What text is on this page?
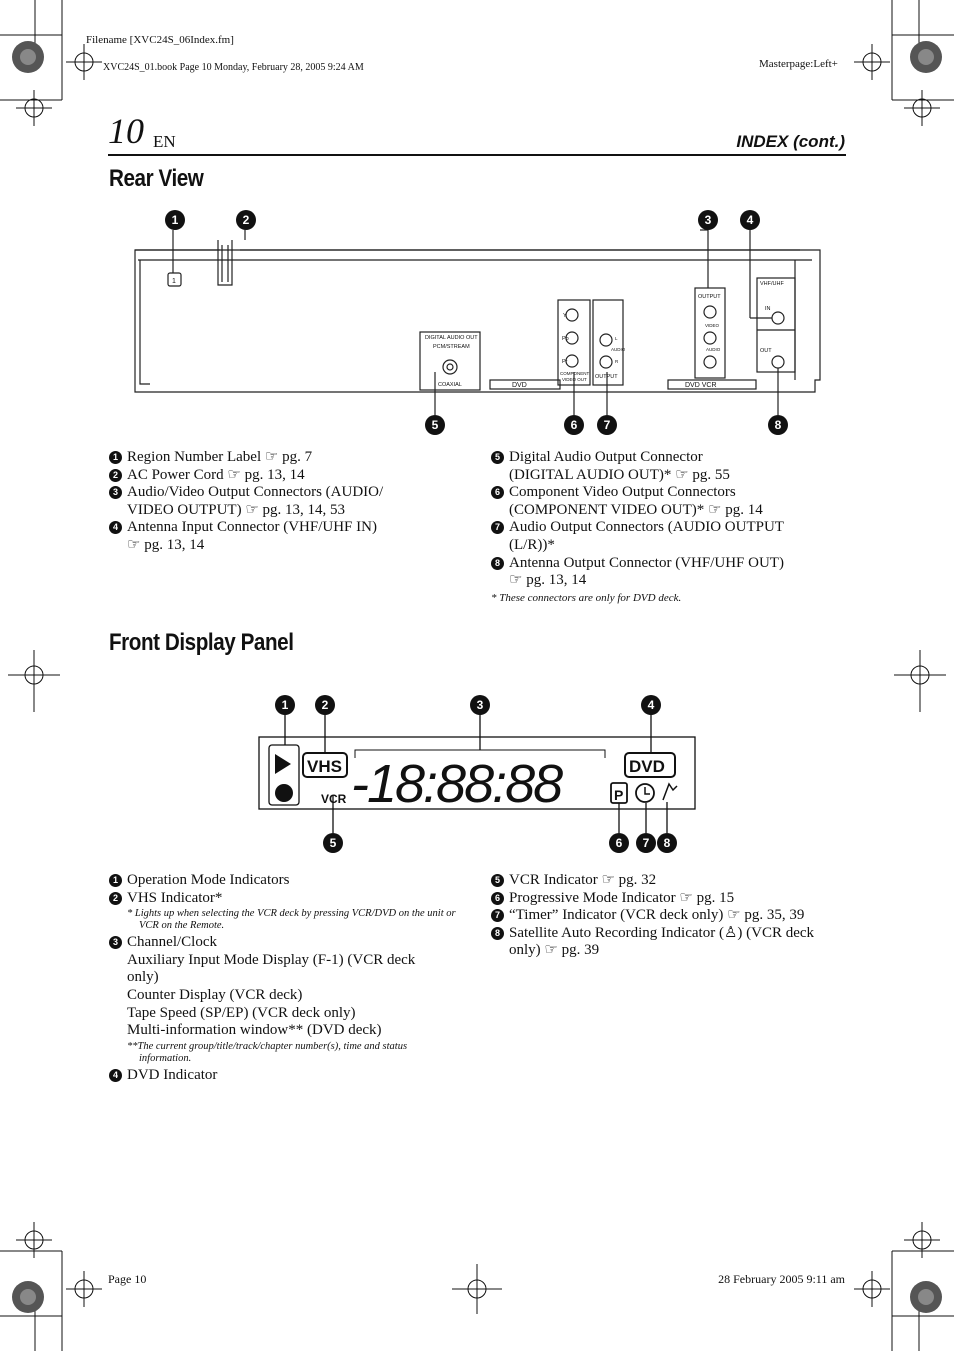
Filename [XVC24S_06Index.fm]
XVC24S_01.book Page 10 Monday, February 28, 2005 9:24 AM	Masterpage:Left+
10 EN	INDEX (cont.)
Rear View
DIGITAL AUDIO OUT
PCM/STREAM
COAXIAL	DVD
Y
Pb
Pr
COMPONENT
VIDEO OUT
L
AUDIO
R
OUTPUT
OUTPUT
VIDEO
AUDIO
DVD VCR
VHF/UHF
IN
OUT
1
1	2	3	4
5	6	7	8
1 Region Number Label ☞ pg. 7
2 AC Power Cord ☞ pg. 13, 14
3 Audio/Video Output Connectors (AUDIO/
VIDEO OUTPUT) ☞ pg. 13, 14, 53
4 Antenna Input Connector (VHF/UHF IN)
☞ pg. 13, 14
5 Digital Audio Output Connector
(DIGITAL AUDIO OUT)* ☞ pg. 55
6 Component Video Output Connectors
(COMPONENT VIDEO OUT)* ☞ pg. 14
7 Audio Output Connectors (AUDIO OUTPUT
(L/R))*
8 Antenna Output Connector (VHF/UHF OUT)
☞ pg. 13, 14
* These connectors are only for DVD deck.
Front Display Panel
VHS
VCR
DVD
P
-18:88:88
1	2	3	4
5	6	7	8
1 Operation Mode Indicators
2 VHS Indicator*
* Lights up when selecting the VCR deck by pressing VCR/DVD on the unit or VCR on the Remote.
3 Channel/Clock
Auxiliary Input Mode Display (F-1) (VCR deck
only)
Counter Display (VCR deck)
Tape Speed (SP/EP) (VCR deck only)
Multi-information window** (DVD deck)
**The current group/title/track/chapter number(s), time and status information.
4 DVD Indicator
5 VCR Indicator ☞ pg. 32
6 Progressive Mode Indicator ☞ pg. 15
7 “Timer” Indicator (VCR deck only) ☞ pg. 35, 39
8 Satellite Auto Recording Indicator (♙) (VCR deck
only) ☞ pg. 39
Page 10	28 February 2005 9:11 am
